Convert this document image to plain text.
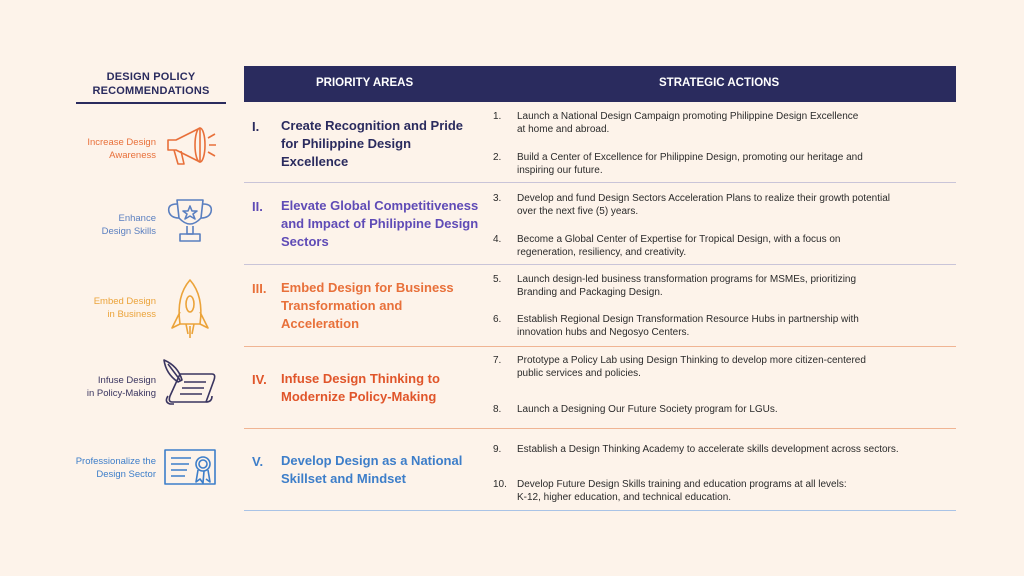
DESIGN POLICY
RECOMMENDATIONS
Increase Design
Awareness
Enhance
Design Skills
Embed Design
in Business
Infuse Design
in Policy-Making
Professionalize the
Design Sector
PRIORITY AREAS	STRATEGIC ACTIONS
I. Create Recognition and Pride for Philippine Design Excellence
1.	Launch a National Design Campaign promoting Philippine Design Excellence
at home and abroad.
2.	Build a Center of Excellence for Philippine Design, promoting our heritage and
inspiring our future.
II. Elevate Global Competitiveness and Impact of Philippine Design Sectors
3.	Develop and fund Design Sectors Acceleration Plans to realize their growth potential
over the next five (5) years.
4.	Become a Global Center of Expertise for Tropical Design, with a focus on
regeneration, resiliency, and creativity.
III. Embed Design for Business Transformation and Acceleration
5.	Launch design-led business transformation programs for MSMEs, prioritizing
Branding and Packaging Design.
6.	Establish Regional Design Transformation Resource Hubs in partnership with
innovation hubs and Negosyo Centers.
IV. Infuse Design Thinking to Modernize Policy-Making
7.	Prototype a Policy Lab using Design Thinking to develop more citizen-centered
public services and policies.
8.	Launch a Designing Our Future Society program for LGUs.
V. Develop Design as a National Skillset and Mindset
9.	Establish a Design Thinking Academy to accelerate skills development across sectors.
10.	Develop Future Design Skills training and education programs at all levels:
K-12, higher education, and technical education.
